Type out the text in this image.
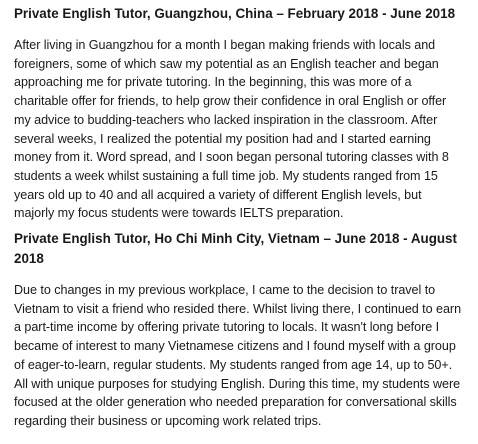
Private English Tutor, Guangzhou, China – February 2018 - June 2018

After living in Guangzhou for a month I began making friends with locals and foreigners, some of which saw my potential as an English teacher and began approaching me for private tutoring. In the beginning, this was more of a charitable offer for friends, to help grow their confidence in oral English or offer my advice to budding-teachers who lacked inspiration in the classroom. After several weeks, I realized the potential my position had and I started earning money from it. Word spread, and I soon began personal tutoring classes with 8 students a week whilst sustaining a full time job. My students ranged from 15 years old up to 40 and all acquired a variety of different English levels, but majorly my focus students were towards IELTS preparation.

Private English Tutor, Ho Chi Minh City, Vietnam – June 2018 - August 2018

Due to changes in my previous workplace, I came to the decision to travel to Vietnam to visit a friend who resided there. Whilst living there, I continued to earn a part-time income by offering private tutoring to locals. It wasn't long before I became of interest to many Vietnamese citizens and I found myself with a group of eager-to-learn, regular students. My students ranged from age 14, up to 50+. All with unique purposes for studying English. During this time, my students were focused at the older generation who needed preparation for conversational skills regarding their business or upcoming work related trips.
